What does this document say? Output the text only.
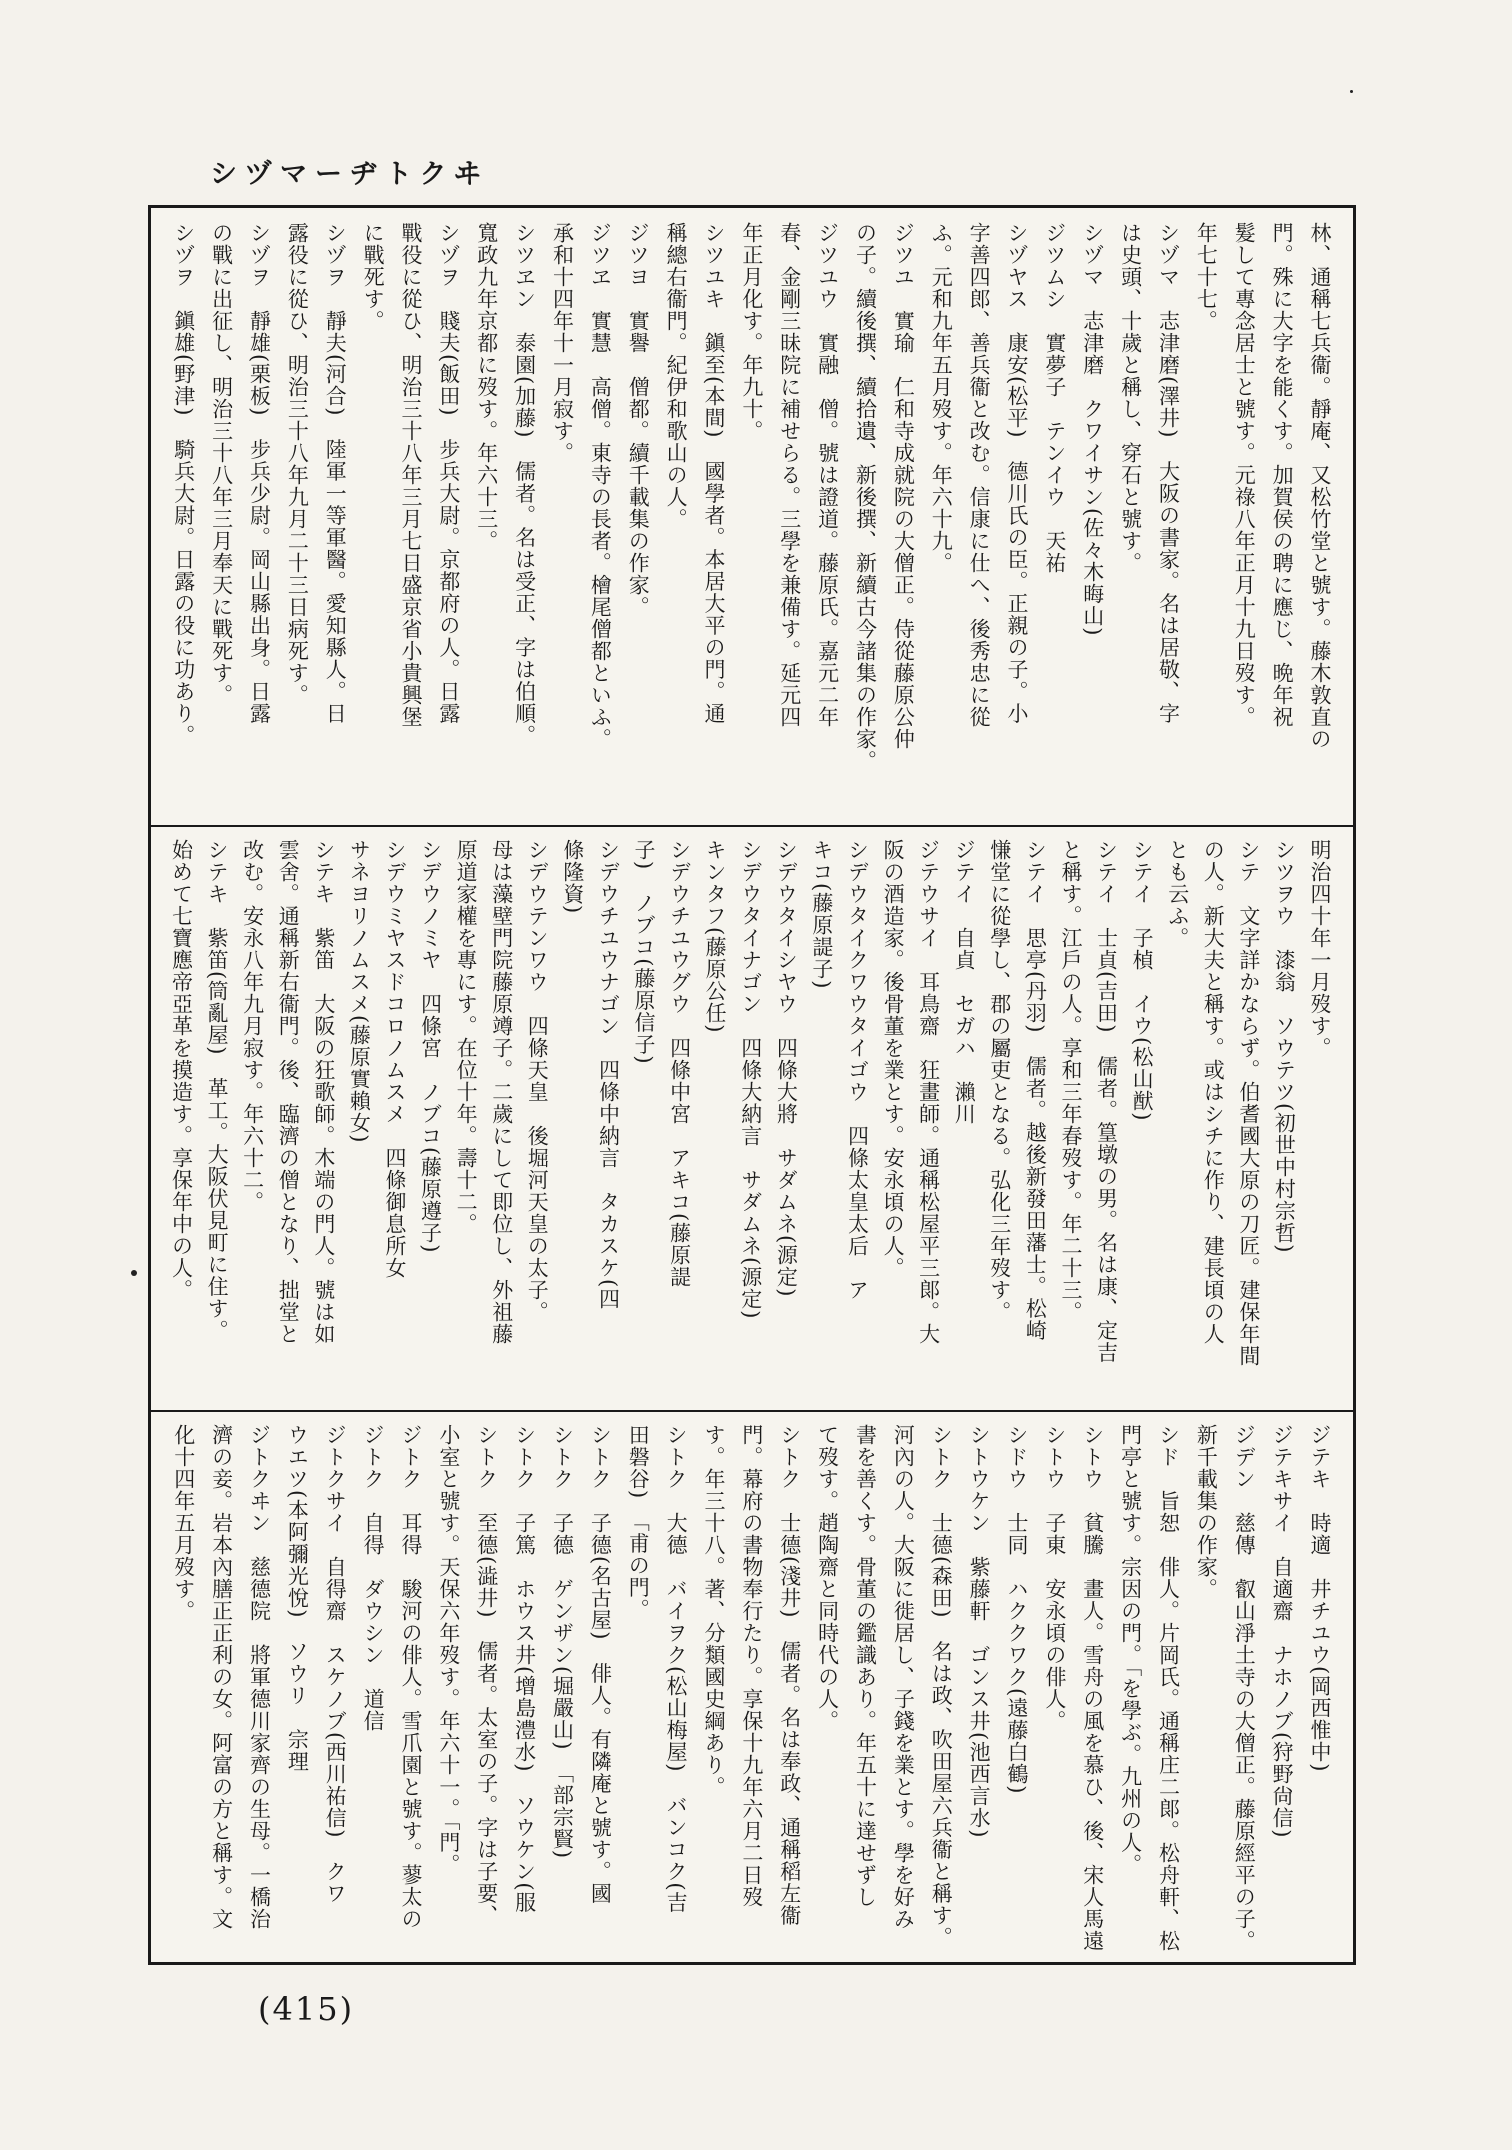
シヅマーヂトクヰ
林、通稱七兵衞。靜庵、又松竹堂と號す。藤木敦直の
門。殊に大字を能くす。加賀侯の聘に應じ、晩年祝
髮して專念居士と號す。元祿八年正月十九日歿す。
年七十七。
シヅマ　志津磨(澤井)　大阪の書家。名は居敬、字
は史頭、十歲と稱し、穿石と號す。
シヅマ　志津磨　クワイサン(佐々木晦山)
ジツムシ　實夢子　テンイウ　天祐
シヅヤス　康安(松平)　德川氏の臣。正親の子。小
字善四郎、善兵衞と改む。信康に仕へ、後秀忠に從
ふ。元和九年五月歿す。年六十九。
ジツユ　實瑜　仁和寺成就院の大僧正。侍從藤原公仲
の子。續後撰、續拾遺、新後撰、新續古今諸集の作家。
ジツユウ　實融　僧。號は證道。藤原氏。嘉元二年
春、金剛三昧院に補せらる。三學を兼備す。延元四
年正月化す。年九十。
シツユキ　鎭至(本間)　國學者。本居大平の門。通
稱總右衞門。紀伊和歌山の人。
ジツヨ　實譽　僧都。續千載集の作家。
ジツヱ　實慧　高僧。東寺の長者。檜尾僧都といふ。
承和十四年十一月寂す。
シツヱン　泰園(加藤)　儒者。名は受正、字は伯順。
寬政九年京都に歿す。年六十三。
シヅヲ　賤夫(飯田)　步兵大尉。京都府の人。日露
戰役に從ひ、明治三十八年三月七日盛京省小貴興堡
に戰死す。
シヅヲ　靜夫(河合)　陸軍一等軍醫。愛知縣人。日
露役に從ひ、明治三十八年九月二十三日病死す。
シヅヲ　靜雄(栗板)　步兵少尉。岡山縣出身。日露
の戰に出征し、明治三十八年三月奉天に戰死す。
シヅヲ　鎭雄(野津)　騎兵大尉。日露の役に功あり。
明治四十年一月歿す。
シツヲウ　漆翁　ソウテツ(初世中村宗哲)
シテ　文字詳かならず。伯耆國大原の刀匠。建保年間
の人。新大夫と稱す。或はシチに作り、建長頃の人
とも云ふ。
シテイ　子楨　イウ(松山猷)
シテイ　士貞(吉田)　儒者。篁墩の男。名は康、定吉
と稱す。江戶の人。享和三年春歿す。年二十三。
シテイ　思亭(丹羽)　儒者。越後新發田藩士。松崎
慊堂に從學し、郡の屬吏となる。弘化三年歿す。
ジテイ　自貞　セガハ　瀨川
ジテウサイ　耳鳥齋　狂畫師。通稱松屋平三郞。大
阪の酒造家。後骨董を業とす。安永頃の人。
シデウタイクワウタイゴウ　四條太皇太后　ア
キコ(藤原諟子)
シデウタイシヤウ　四條大將　サダムネ(源定)
シデウタイナゴン　四條大納言　サダムネ(源定)
キンタフ(藤原公任)
シデウチユウグウ　四條中宮　アキコ(藤原諟
子)　ノブコ(藤原信子)
シデウチユウナゴン　四條中納言　タカスケ(四
條隆資)
シデウテンワウ　四條天皇　後堀河天皇の太子。
母は藻壁門院藤原竴子。二歲にして即位し、外祖藤
原道家權を專にす。在位十年。壽十二。
シデウノミヤ　四條宮　ノブコ(藤原遵子)
シデウミヤスドコロノムスメ　四條御息所女
サネヨリノムスメ(藤原實賴女)
シテキ　紫笛　大阪の狂歌師。木端の門人。號は如
雲舍。通稱新右衞門。後、臨濟の僧となり、拙堂と
改む。安永八年九月寂す。年六十二。
シテキ　紫笛(筒亂屋)　革工。大阪伏見町に住す。
始めて七寶應帝亞革を摸造す。享保年中の人。
ジテキ　時適　井チユウ(岡西惟中)
ジテキサイ　自適齋　ナホノブ(狩野尙信)
ジデン　慈傳　叡山淨土寺の大僧正。藤原經平の子。
新千載集の作家。
シド　旨恕　俳人。片岡氏。通稱庄二郞。松舟軒、松
門亭と號す。宗因の門。「を學ぶ。九州の人。
シトウ　貧騰　畫人。雪舟の風を慕ひ、後、宋人馬遠
シトウ　子東　安永頃の俳人。
シドウ　士同　ハククワク(遠藤白鶴)
シトウケン　紫藤軒　ゴンス井(池西言水)
シトク　士德(森田)　名は政、吹田屋六兵衞と稱す。
河內の人。大阪に徙居し、子錢を業とす。學を好み
書を善くす。骨董の鑑識あり。年五十に達せずし
て歿す。趙陶齋と同時代の人。
シトク　士德(淺井)　儒者。名は奉政、通稱稻左衞
門。幕府の書物奉行たり。享保十九年六月二日歿
す。年三十八。著、分類國史綱あり。
シトク　大德　バイヲク(松山梅屋)　バンコク(吉
田磐谷)　「甫の門。
シトク　子德(名古屋)　俳人。有隣庵と號す。國
シトク　子德　ゲンザン(堀嚴山)　「部宗賢)
シトク　子篤　ホウス井(增島澧水)　ソウケン(服
シトク　至德(澁井)　儒者。太室の子。字は子要、
小室と號す。天保六年歿す。年六十一。「門。
ジトク　耳得　駿河の俳人。雪爪園と號す。蓼太の
ジトク　自得　ダウシン　道信
ジトクサイ　自得齋　スケノブ(西川祐信)　クワ
ウエツ(本阿彌光悅)　ソウリ　宗理
ジトクヰン　慈德院　將軍德川家齊の生母。一橋治
濟の妾。岩本內膳正正利の女。阿富の方と稱す。文
化十四年五月歿す。
(415)
